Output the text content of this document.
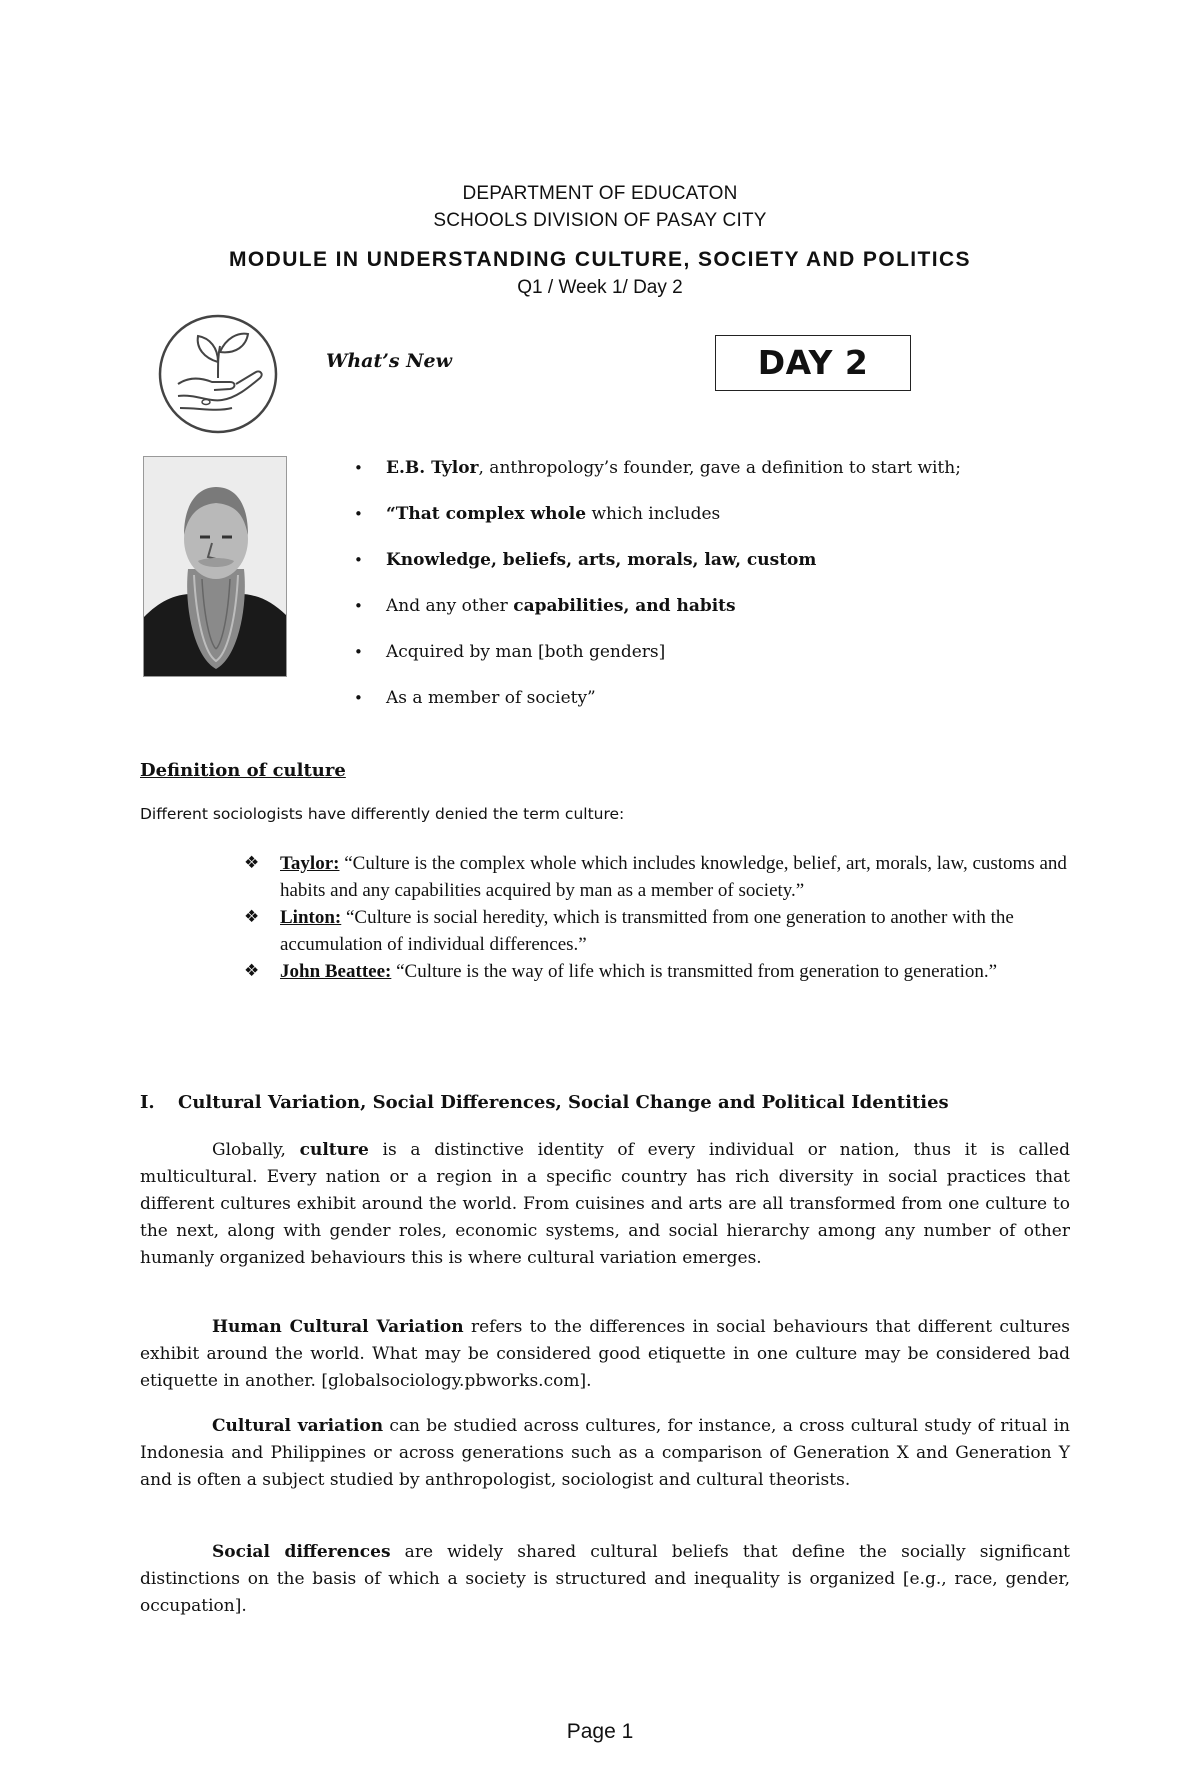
DEPARTMENT OF EDUCATON
SCHOOLS DIVISION OF PASAY CITY
MODULE IN UNDERSTANDING CULTURE, SOCIETY AND POLITICS
Q1 / Week 1/ Day 2
What’s New	DAY 2
• E.B. Tylor, anthropology’s founder, gave a definition to start with;
• “That complex whole which includes
• Knowledge, beliefs, arts, morals, law, custom
• And any other capabilities, and habits
• Acquired by man [both genders]
• As a member of society”
Definition of culture
Different sociologists have differently denied the term culture:
❖ Taylor: “Culture is the complex whole which includes knowledge, belief, art, morals, law, customs and habits and any capabilities acquired by man as a member of society.”
❖ Linton: “Culture is social heredity, which is transmitted from one generation to another with the accumulation of individual differences.”
❖ John Beattee: “Culture is the way of life which is transmitted from generation to generation.”
I. Cultural Variation, Social Differences, Social Change and Political Identities

Globally, culture is a distinctive identity of every individual or nation, thus it is called multicultural. Every nation or a region in a specific country has rich diversity in social practices that different cultures exhibit around the world. From cuisines and arts are all transformed from one culture to the next, along with gender roles, economic systems, and social hierarchy among any number of other humanly organized behaviours this is where cultural variation emerges.

Human Cultural Variation refers to the differences in social behaviours that different cultures exhibit around the world. What may be considered good etiquette in one culture may be considered bad etiquette in another. [globalsociology.pbworks.com].

Cultural variation can be studied across cultures, for instance, a cross cultural study of ritual in Indonesia and Philippines or across generations such as a comparison of Generation X and Generation Y and is often a subject studied by anthropologist, sociologist and cultural theorists.

Social differences are widely shared cultural beliefs that define the socially significant distinctions on the basis of which a society is structured and inequality is organized [e.g., race, gender, occupation].

Page 1
